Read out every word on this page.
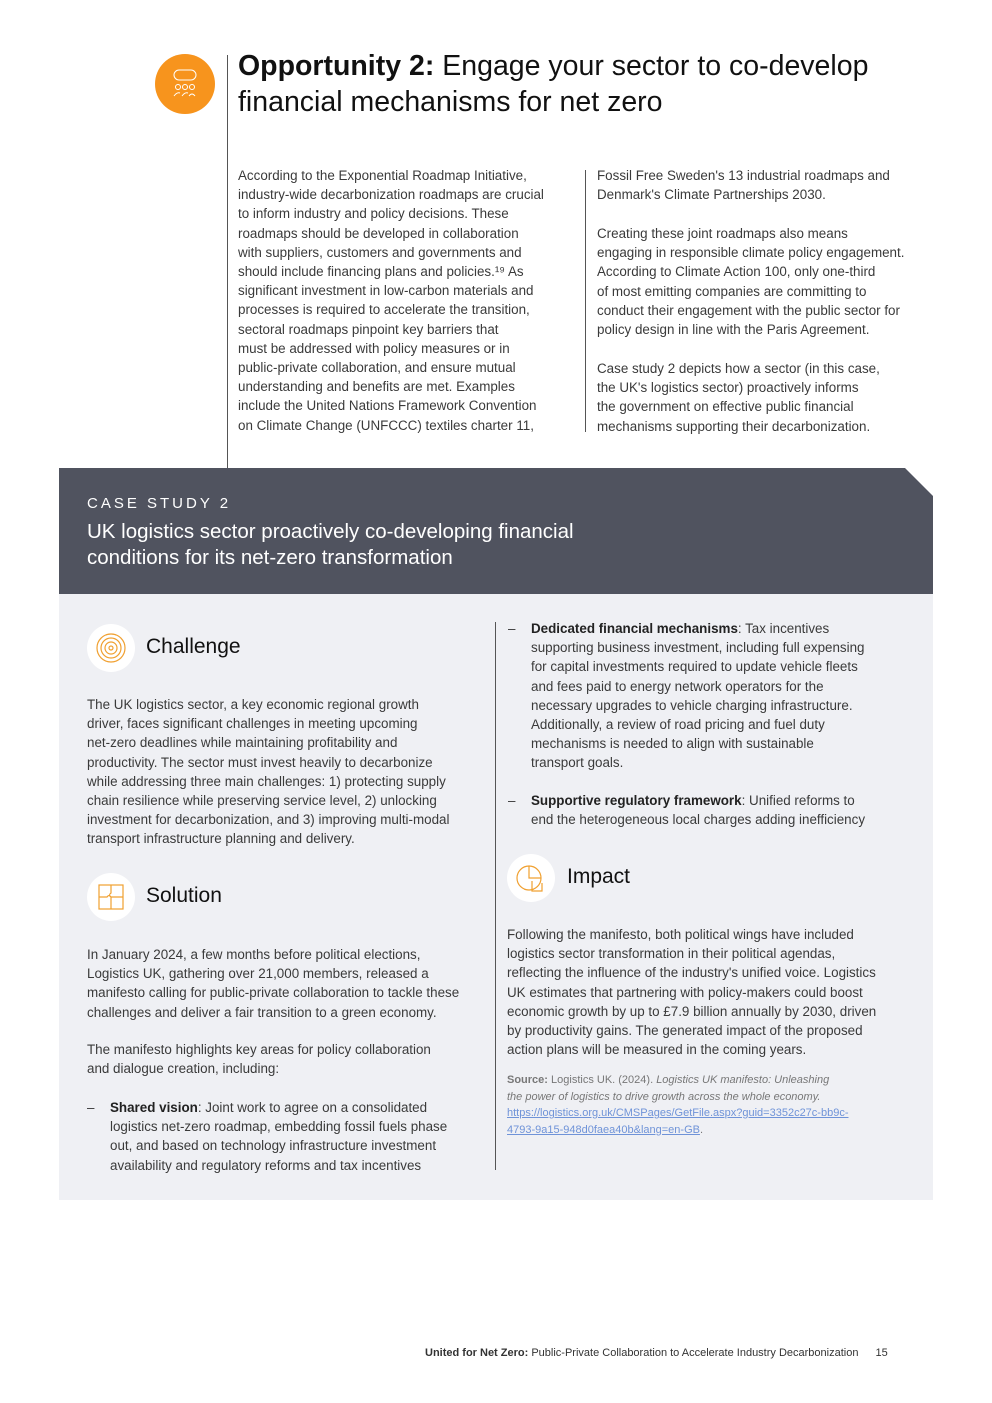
Opportunity 2: Engage your sector to co-develop
financial mechanisms for net zero
According to the Exponential Roadmap Initiative,
industry-wide decarbonization roadmaps are crucial
to inform industry and policy decisions. These
roadmaps should be developed in collaboration
with suppliers, customers and governments and
should include financing plans and policies.¹⁹ As
significant investment in low-carbon materials and
processes is required to accelerate the transition,
sectoral roadmaps pinpoint key barriers that
must be addressed with policy measures or in
public-private collaboration, and ensure mutual
understanding and benefits are met. Examples
include the United Nations Framework Convention
on Climate Change (UNFCCC) textiles charter 11,
Fossil Free Sweden's 13 industrial roadmaps and
Denmark's Climate Partnerships 2030.
Creating these joint roadmaps also means
engaging in responsible climate policy engagement.
According to Climate Action 100, only one-third
of most emitting companies are committing to
conduct their engagement with the public sector for
policy design in line with the Paris Agreement.
Case study 2 depicts how a sector (in this case,
the UK's logistics sector) proactively informs
the government on effective public financial
mechanisms supporting their decarbonization.
CASE STUDY 2
UK logistics sector proactively co-developing financial
conditions for its net-zero transformation
Challenge
The UK logistics sector, a key economic regional growth
driver, faces significant challenges in meeting upcoming
net-zero deadlines while maintaining profitability and
productivity. The sector must invest heavily to decarbonize
while addressing three main challenges: 1) protecting supply
chain resilience while preserving service level, 2) unlocking
investment for decarbonization, and 3) improving multi-modal
transport infrastructure planning and delivery.
Solution
In January 2024, a few months before political elections,
Logistics UK, gathering over 21,000 members, released a
manifesto calling for public-private collaboration to tackle these
challenges and deliver a fair transition to a green economy.
The manifesto highlights key areas for policy collaboration
and dialogue creation, including:
– Shared vision: Joint work to agree on a consolidated
logistics net-zero roadmap, embedding fossil fuels phase
out, and based on technology infrastructure investment
availability and regulatory reforms and tax incentives
– Dedicated financial mechanisms: Tax incentives
supporting business investment, including full expensing
for capital investments required to update vehicle fleets
and fees paid to energy network operators for the
necessary upgrades to vehicle charging infrastructure.
Additionally, a review of road pricing and fuel duty
mechanisms is needed to align with sustainable
transport goals.
– Supportive regulatory framework: Unified reforms to
end the heterogeneous local charges adding inefficiency
Impact
Following the manifesto, both political wings have included
logistics sector transformation in their political agendas,
reflecting the influence of the industry's unified voice. Logistics
UK estimates that partnering with policy-makers could boost
economic growth by up to £7.9 billion annually by 2030, driven
by productivity gains. The generated impact of the proposed
action plans will be measured in the coming years.
Source: Logistics UK. (2024). Logistics UK manifesto: Unleashing
the power of logistics to drive growth across the whole economy.
https://logistics.org.uk/CMSPages/GetFile.aspx?guid=3352c27c-bb9c-
4793-9a15-948d0faea40b&lang=en-GB.
United for Net Zero: Public-Private Collaboration to Accelerate Industry Decarbonization 15
